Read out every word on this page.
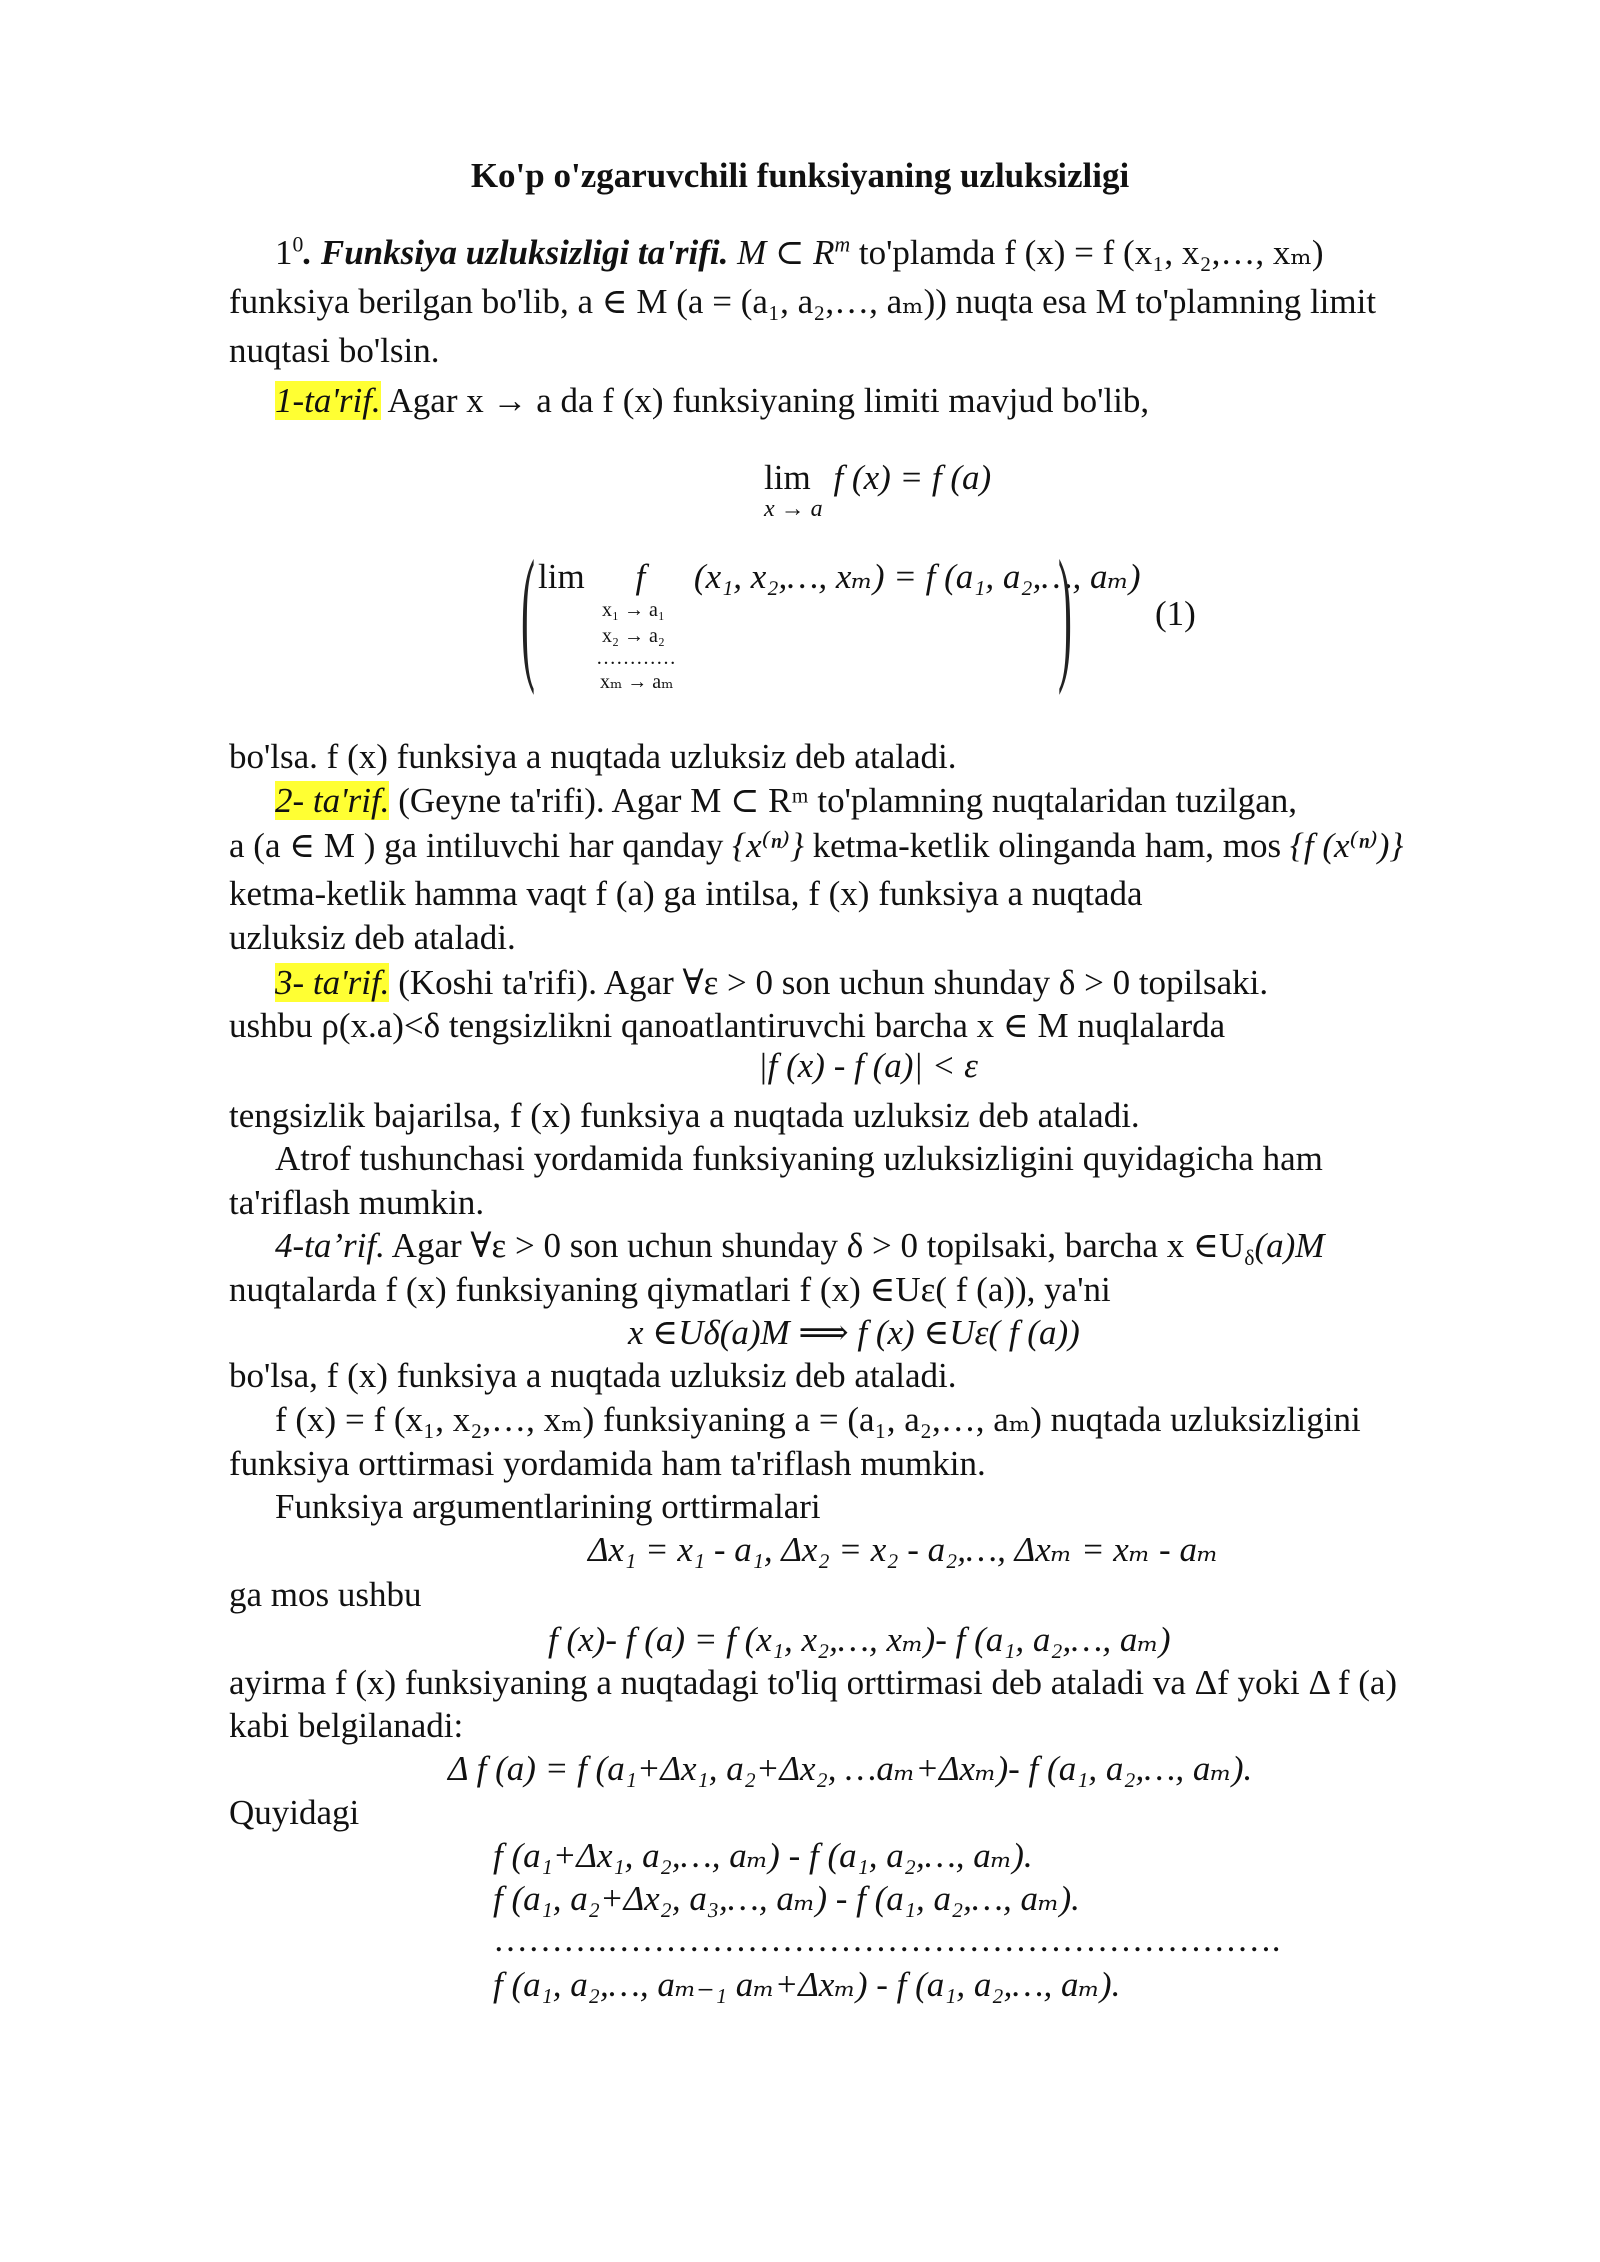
Ko'p o'zgaruvchili funksiyaning uzluksizligi
$1^0$. Funksiya uzluksizligi ta'rifi. M ⊂ $R^m$ to'plamda f (x) = f (x₁, x₂,…, xₘ)
funksiya berilgan bo'lib, a ∈ M (a = (a₁, a₂,…, aₘ)) nuqta esa M to'plamning limit
nuqtasi bo'lsin.
1-ta'rif. Agar x → a da f (x) funksiyaning limiti mavjud bo'lib,
lim f (x) = f (a)
x → a
( lim f (x₁, x₂,…, xₘ) = f (a₁, a₂,…, aₘ)
x₁ → a₁
x₂ → a₂
…………
xₘ → aₘ	) (1)
bo'lsa. f (x) funksiya a nuqtada uzluksiz deb ataladi.
2- ta'rif. (Geyne ta'rifi). Agar M ⊂ Rᵐ to'plamning nuqtalaridan tuzilgan,
a (a ∈ M ) ga intiluvchi har qanday {x⁽ⁿ⁾} ketma-ketlik olinganda ham, mos {f (x⁽ⁿ⁾)}
ketma-ketlik hamma vaqt f (a) ga intilsa, f (x) funksiya a nuqtada
uzluksiz deb ataladi.
3- ta'rif. (Koshi ta'rifi). Agar ∀ε > 0 son uchun shunday δ > 0 topilsaki.
ushbu ρ(x.a)<δ tengsizlikni qanoatlantiruvchi barcha x ∈ M nuqlalarda
|f (x) - f (a)| < ε
tengsizlik bajarilsa, f (x) funksiya a nuqtada uzluksiz deb ataladi.
Atrof tushunchasi yordamida funksiyaning uzluksizligini quyidagicha ham
ta'riflash mumkin.
4-ta’rif. Agar ∀ε > 0 son uchun shunday δ > 0 topilsaki, barcha x $\in U_\delta(a)M$
nuqtalarda f (x) funksiyaning qiymatlari f (x) ∈Uε( f (a)), ya'ni
x ∈Uδ(a)M ⟹ f (x) ∈Uε( f (a))
bo'lsa, f (x) funksiya a nuqtada uzluksiz deb ataladi.
f (x) = f (x₁, x₂,…, xₘ) funksiyaning a = (a₁, a₂,…, aₘ) nuqtada uzluksizligini
funksiya orttirmasi yordamida ham ta'riflash mumkin.
Funksiya argumentlarining orttirmalari
Δx₁ = x₁ - a₁, Δx₂ = x₂ - a₂,…, Δxₘ = xₘ - aₘ
ga mos ushbu
f (x)- f (a) = f (x₁, x₂,…, xₘ)- f (a₁, a₂,…, aₘ)
ayirma f (x) funksiyaning a nuqtadagi to'liq orttirmasi deb ataladi va Δf yoki Δ f (a)
kabi belgilanadi:
Δ f (a) = f (a₁+Δx₁, a₂+Δx₂, …aₘ+Δxₘ)- f (a₁, a₂,…, aₘ).
Quyidagi
f (a₁+Δx₁, a₂,…, aₘ) - f (a₁, a₂,…, aₘ).
f (a₁, a₂+Δx₂, a₃,…, aₘ) - f (a₁, a₂,…, aₘ).
……….………………………………………………….
f (a₁, a₂,…, aₘ₋₁ aₘ+Δxₘ) - f (a₁, a₂,…, aₘ).
